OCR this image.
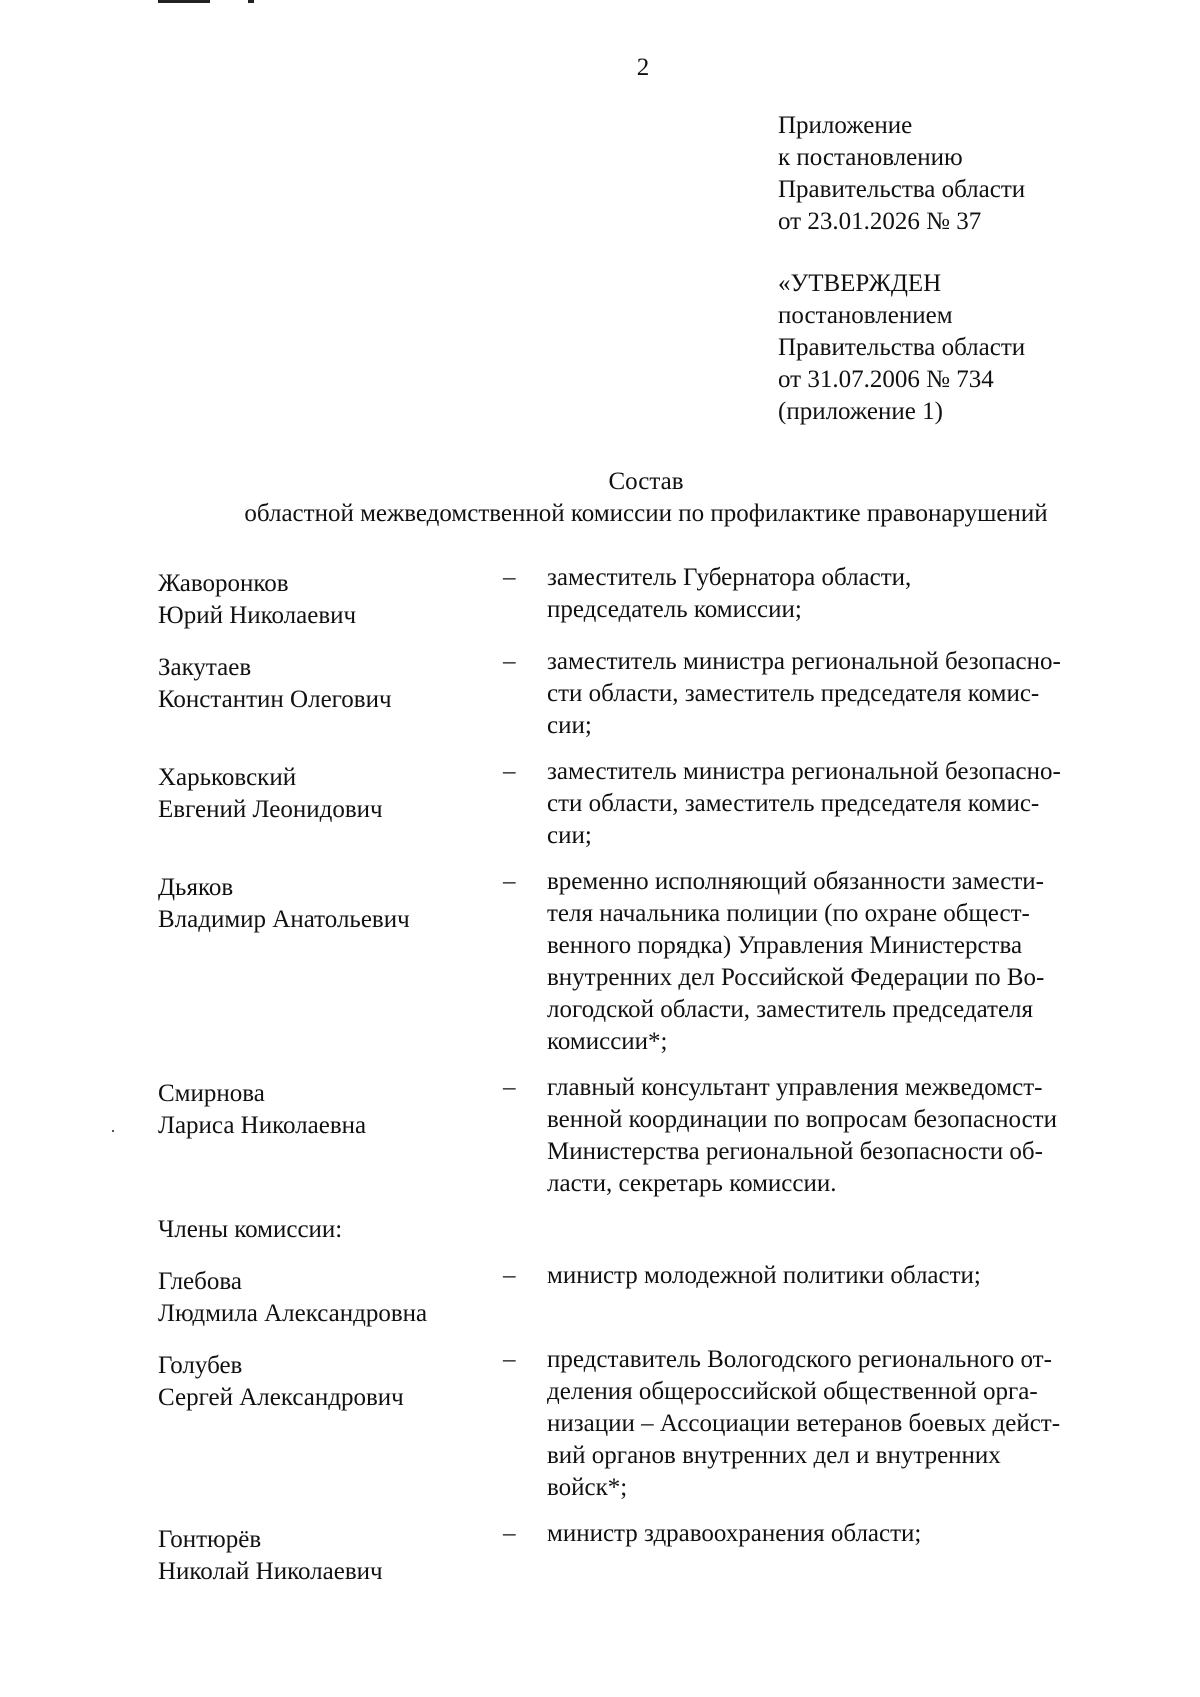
2
Приложение
к постановлению
Правительства области
от 23.01.2026 № 37
«УТВЕРЖДЕН
постановлением
Правительства области
от 31.07.2006 № 734
(приложение 1)
Состав
областной межведомственной комиссии по профилактике правонарушений
Жаворонков
Юрий Николаевич
–	заместитель Губернатора области,
председатель комиссии;
Закутаев
Константин Олегович
–	заместитель министра региональной безопасно-
сти области, заместитель председателя комис-
сии;
Харьковский
Евгений Леонидович
–	заместитель министра региональной безопасно-
сти области, заместитель председателя комис-
сии;
Дьяков
Владимир Анатольевич
–	временно исполняющий обязанности замести-
теля начальника полиции (по охране общест-
венного порядка) Управления Министерства
внутренних дел Российской Федерации по Во-
логодской области, заместитель председателя
комиссии*;
Смирнова
Лариса Николаевна
–	главный консультант управления межведомст-
венной координации по вопросам безопасности
Министерства региональной безопасности об-
ласти, секретарь комиссии.
Члены комиссии:
Глебова
Людмила Александровна
–	министр молодежной политики области;
Голубев
Сергей Александрович
–	представитель Вологодского регионального от-
деления общероссийской общественной орга-
низации – Ассоциации ветеранов боевых дейст-
вий органов внутренних дел и внутренних
войск*;
Гонтюрёв
Николай Николаевич
–	министр здравоохранения области;
